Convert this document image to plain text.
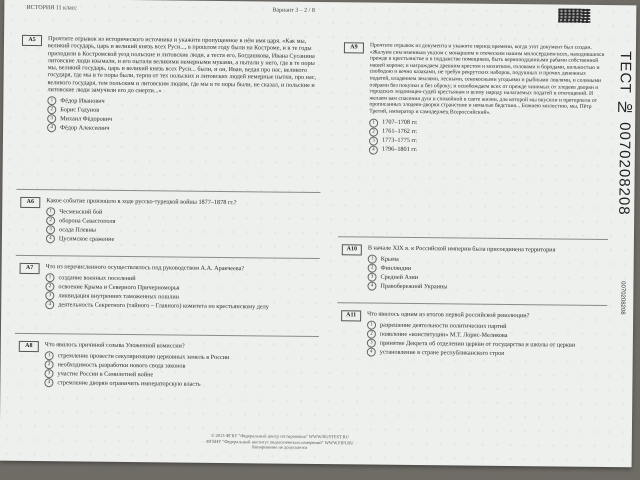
ИСТОРИЯ 11 класс	Вариант 3 – 2 / 8
ТЕСТ № 0070208208
0070208208
A5	Прочтите отрывок из исторического источника и укажите пропущенное в нём имя царя. «Как мы, великий государь, царь и великий князь всех Руси..., в прошлом году были на Костроме, и в те годы приходили в Костромской уезд польские и литовские люди, а тестя его, Богдашкова, Ивана Сусанина литовские люди изымали, и его пытали великими немерными муками, а пытали у него, где в те поры мы, великий государь, царь и великий князь всех Руси... были, и он, Иван, ведая про нас, великого государя, где мы в те поры были, терпя от тех польских и литовских людей немерные пытки, про нас, великого государя, тем польским и литовским людям, где мы в те поры были, не сказал, и польские и литовские люди замучили его до смерти...»
1	Фёдор Иванович
2	Борис Годунов
3	Михаил Фёдорович
4	Фёдор Алексеевич
A6	Какое событие произошло в ходе русско-турецкой войны 1877–1878 гг.?
1	Чесменский бой
2	оборона Севастополя
3	осада Плевны
4	Цусимское сражение
A7	Что из перечисленного осуществлялось под руководством А.А. Аракчеева?
1	создание военных поселений
2	освоение Крыма и Северного Причерноморья
3	ликвидация внутренних таможенных пошлин
4	деятельность Секретного (тайного – Главного) комитета по крестьянскому делу
A8	Что явилось причиной созыва Уложенной комиссии?
1	стремление провести секуляризацию церковных земель в России
2	необходимость разработки нового свода законов
3	участие России в Семилетней войне
4	стремление дворян ограничить императорскую власть
A9	Прочтите отрывок из документа и укажите период времени, когда этот документ был создан. «Жалуем сим именным указом с монаршим и отеческим нашим милосердием всех, находившихся прежде в крестьянстве и в подданстве помещиков, быть верноподданными рабами собственной нашей короне; и награждаем древним крестом и молитвою, головами и бородами, вольностью и свободою и вечно казаками, не требуя рекрутских наборов, подушных и прочих денежных податей, владением землями, лесными, сенокосными угодьями и рыбными ловлями, и соляными озёрами без покупки и без оброку; и освобождаем всех от прежде чинимых от злодеев дворян и городских мздоимцев-судей крестьянам и всему народу налагаемых податей и отягощений. И желаем вам спасения душ и спокойной в свете жизни, для которой мы вкусили и претерпели от прописанных злодеев-дворян странствие и немалые бедствия... Божиею милостию, мы, Пётр Третий, император и самодержец Всероссийский».
1	1707–1708 гг.
2	1761–1762 гг.
3	1773–1775 гг.
4	1796–1801 гг.
A10	В начале XIX в. к Российской империи была присоединена территория
1	Крыма
2	Финляндии
3	Средней Азии
4	Правобережной Украины
A11	Что явилось одним из итогов первой российской революции?
1	разрешение деятельности политических партий
2	появление «конституции» М.Т. Лорис-Меликова
3	принятие Декрета об отделении церкви от государства и школы от церкви
4	установление в стране республиканского строя
© 2013 ФГБУ "Федеральный центр тестирования" WWW.RUSTEST.RU
ФГБНУ "Федеральный институт педагогических измерений" WWW.FIPI.RU
Копирование не допускается
